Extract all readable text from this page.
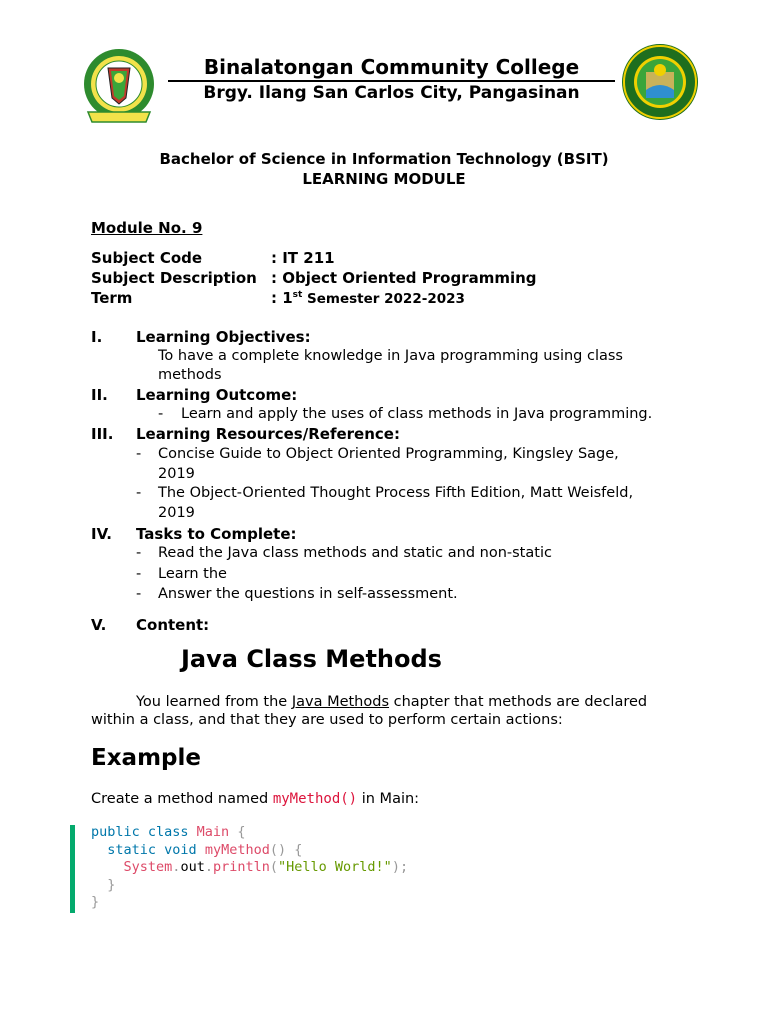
Binalatongan Community College
Brgy. Ilang San Carlos City, Pangasinan
Bachelor of Science in Information Technology (BSIT)
LEARNING MODULE
Module No. 9
Subject Code	: IT 211
Subject Description : Object Oriented Programming
Term	: 1st Semester 2022-2023
I. Learning Objectives:
To have a complete knowledge in Java programming using class
methods
II. Learning Outcome:
- Learn and apply the uses of class methods in Java programming.
III. Learning Resources/Reference:
- Concise Guide to Object Oriented Programming, Kingsley Sage,
2019
- The Object-Oriented Thought Process Fifth Edition, Matt Weisfeld,
2019
IV. Tasks to Complete:
- Read the Java class methods and static and non-static
- Learn the
- Answer the questions in self-assessment.
V. Content:
Java Class Methods
You learned from the Java Methods chapter that methods are declared within a class, and that they are used to perform certain actions:
Example
Create a method named myMethod() in Main:
public class Main {
static void myMethod() {
System.out.println("Hello World!");
}
}
